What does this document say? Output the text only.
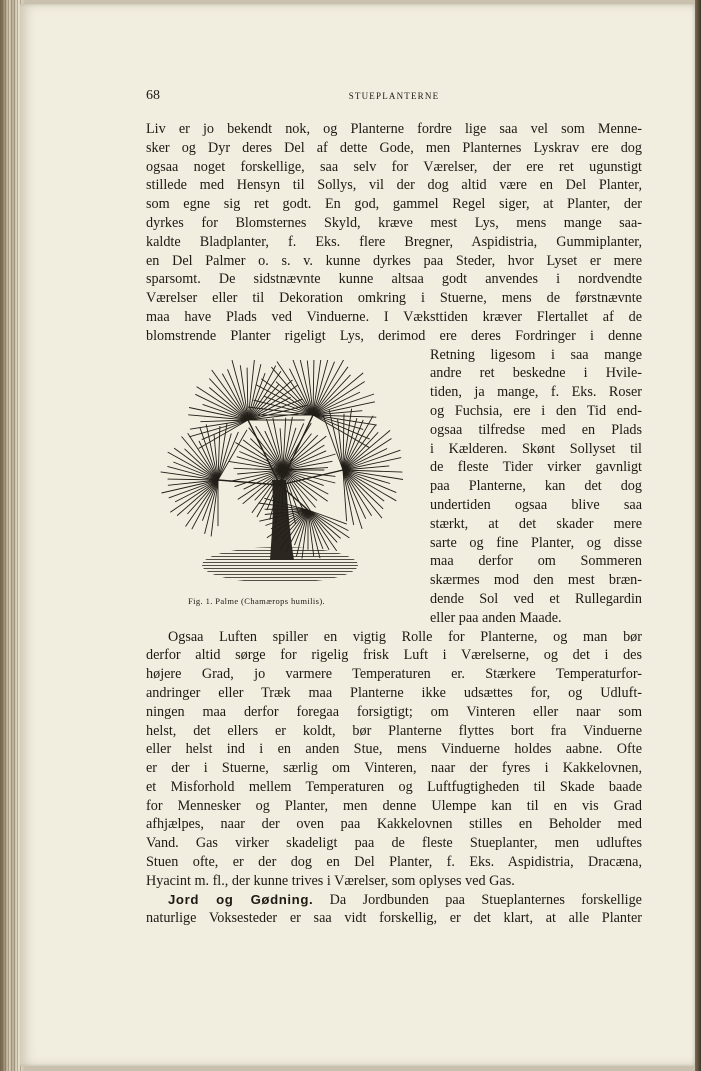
68	STUEPLANTERNE
Liv er jo bekendt nok, og Planterne fordre lige saa vel som Menne-
sker og Dyr deres Del af dette Gode, men Planternes Lyskrav ere dog
ogsaa noget forskellige, saa selv for Værelser, der ere ret ugunstigt
stillede med Hensyn til Sollys, vil der dog altid være en Del Planter,
som egne sig ret godt. En god, gammel Regel siger, at Planter, der
dyrkes for Blomsternes Skyld, kræve mest Lys, mens mange saa-
kaldte Bladplanter, f. Eks. flere Bregner, Aspidistria, Gummiplanter,
en Del Palmer o. s. v. kunne dyrkes paa Steder, hvor Lyset er mere
sparsomt. De sidstnævnte kunne altsaa godt anvendes i nordvendte
Værelser eller til Dekoration omkring i Stuerne, mens de førstnævnte
maa have Plads ved Vinduerne. I Væksttiden kræver Flertallet af de
blomstrende Planter rigeligt Lys, derimod ere deres Fordringer i denne
Retning ligesom i saa mange
andre ret beskedne i Hvile-
tiden, ja mange, f. Eks. Roser
og Fuchsia, ere i den Tid end-
ogsaa tilfredse med en Plads
i Kælderen. Skønt Sollyset til
de fleste Tider virker gavnligt
paa Planterne, kan det dog
undertiden ogsaa blive saa
stærkt, at det skader mere
sarte og fine Planter, og disse
maa derfor om Sommeren
skærmes mod den mest bræn-
dende Sol ved et Rullegardin
eller paa anden Maade.
Ogsaa Luften spiller en vigtig Rolle for Planterne, og man bør
derfor altid sørge for rigelig frisk Luft i Værelserne, og det i des
højere Grad, jo varmere Temperaturen er. Stærkere Temperaturfor-
andringer eller Træk maa Planterne ikke udsættes for, og Udluft-
ningen maa derfor foregaa forsigtigt; om Vinteren eller naar som
helst, det ellers er koldt, bør Planterne flyttes bort fra Vinduerne
eller helst ind i en anden Stue, mens Vinduerne holdes aabne. Ofte
er der i Stuerne, særlig om Vinteren, naar der fyres i Kakkelovnen,
et Misforhold mellem Temperaturen og Luftfugtigheden til Skade baade
for Mennesker og Planter, men denne Ulempe kan til en vis Grad
afhjælpes, naar der oven paa Kakkelovnen stilles en Beholder med
Vand. Gas virker skadeligt paa de fleste Stueplanter, men udluftes
Stuen ofte, er der dog en Del Planter, f. Eks. Aspidistria, Dracæna,
Hyacint m. fl., der kunne trives i Værelser, som oplyses ved Gas.
Jord og Gødning. Da Jordbunden paa Stueplanternes forskellige
naturlige Voksesteder er saa vidt forskellig, er det klart, at alle Planter
Fig. 1. Palme (Chamærops humilis).
